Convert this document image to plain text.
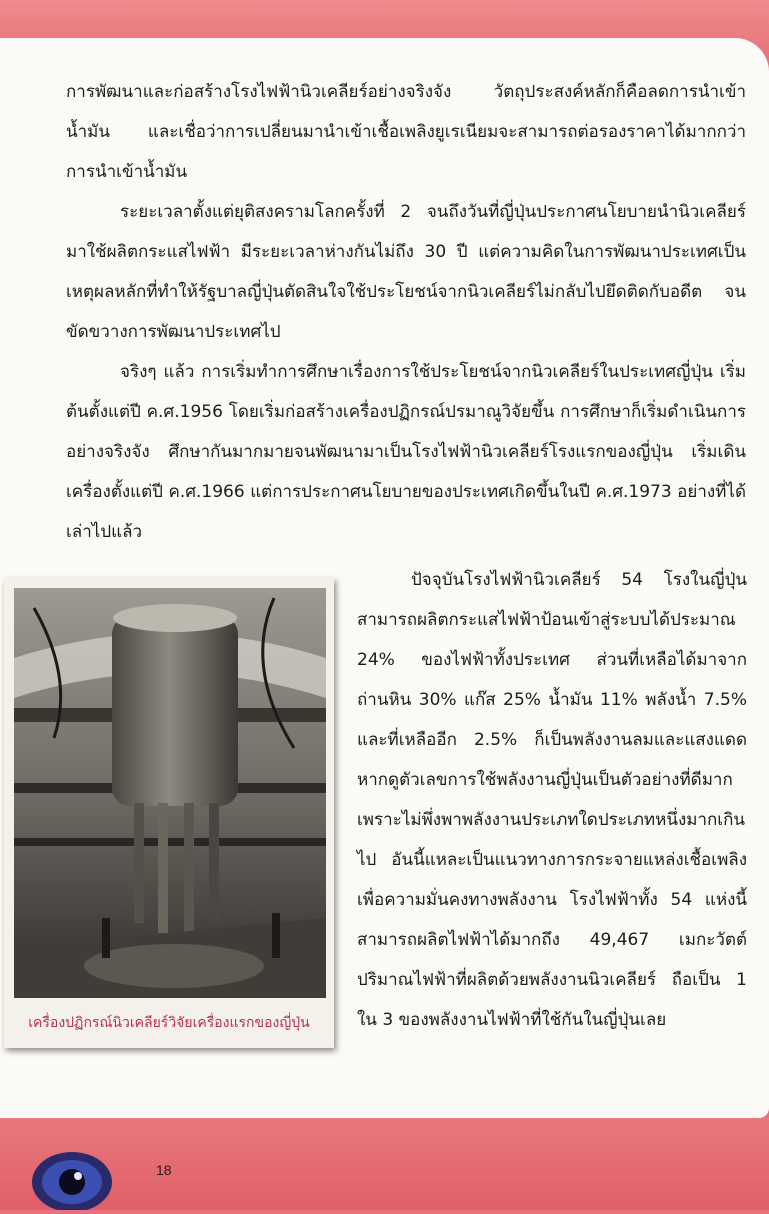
การพัฒนาและก่อสร้างโรงไฟฟ้านิวเคลียร์อย่างจริงจัง วัตถุประสงค์หลักก็คือลดการนำเข้าน้ำมัน และเชื่อว่าการเปลี่ยนมานำเข้าเชื้อเพลิงยูเรเนียมจะสามารถต่อรองราคาได้มากกว่าการนำเข้าน้ำมัน

ระยะเวลาตั้งแต่ยุติสงครามโลกครั้งที่ 2 จนถึงวันที่ญี่ปุ่นประกาศนโยบายนำนิวเคลียร์มาใช้ผลิตกระแสไฟฟ้า มีระยะเวลาห่างกันไม่ถึง 30 ปี แต่ความคิดในการพัฒนาประเทศเป็นเหตุผลหลักที่ทำให้รัฐบาลญี่ปุ่นตัดสินใจใช้ประโยชน์จากนิวเคลียร์ไม่กลับไปยึดติดกับอดีต จนขัดขวางการพัฒนาประเทศไป

จริงๆ แล้ว การเริ่มทำการศึกษาเรื่องการใช้ประโยชน์จากนิวเคลียร์ในประเทศญี่ปุ่น เริ่มต้นตั้งแต่ปี ค.ศ.1956 โดยเริ่มก่อสร้างเครื่องปฏิกรณ์ปรมาณูวิจัยขึ้น การศึกษาก็เริ่มดำเนินการอย่างจริงจัง ศึกษากันมากมายจนพัฒนามาเป็นโรงไฟฟ้านิวเคลียร์โรงแรกของญี่ปุ่น เริ่มเดินเครื่องตั้งแต่ปี ค.ศ.1966 แต่การประกาศนโยบายของประเทศเกิดขึ้นในปี ค.ศ.1973 อย่างที่ได้เล่าไปแล้ว

เครื่องปฏิกรณ์นิวเคลียร์วิจัยเครื่องแรกของญี่ปุ่น

ปัจจุบันโรงไฟฟ้านิวเคลียร์ 54 โรงในญี่ปุ่นสามารถผลิตกระแสไฟฟ้าป้อนเข้าสู่ระบบได้ประมาณ 24% ของไฟฟ้าทั้งประเทศ ส่วนที่เหลือได้มาจากถ่านหิน 30% แก๊ส 25% น้ำมัน 11% พลังน้ำ 7.5% และที่เหลืออีก 2.5% ก็เป็นพลังงานลมและแสงแดด หากดูตัวเลขการใช้พลังงานญี่ปุ่นเป็นตัวอย่างที่ดีมาก เพราะไม่พึ่งพาพลังงานประเภทใดประเภทหนึ่งมากเกินไป อันนี้แหละเป็นแนวทางการกระจายแหล่งเชื้อเพลิงเพื่อความมั่นคงทางพลังงาน โรงไฟฟ้าทั้ง 54 แห่งนี้สามารถผลิตไฟฟ้าได้มากถึง 49,467 เมกะวัตต์ ปริมาณไฟฟ้าที่ผลิตด้วยพลังงานนิวเคลียร์ ถือเป็น 1 ใน 3 ของพลังงานไฟฟ้าที่ใช้กันในญี่ปุ่นเลย

18
